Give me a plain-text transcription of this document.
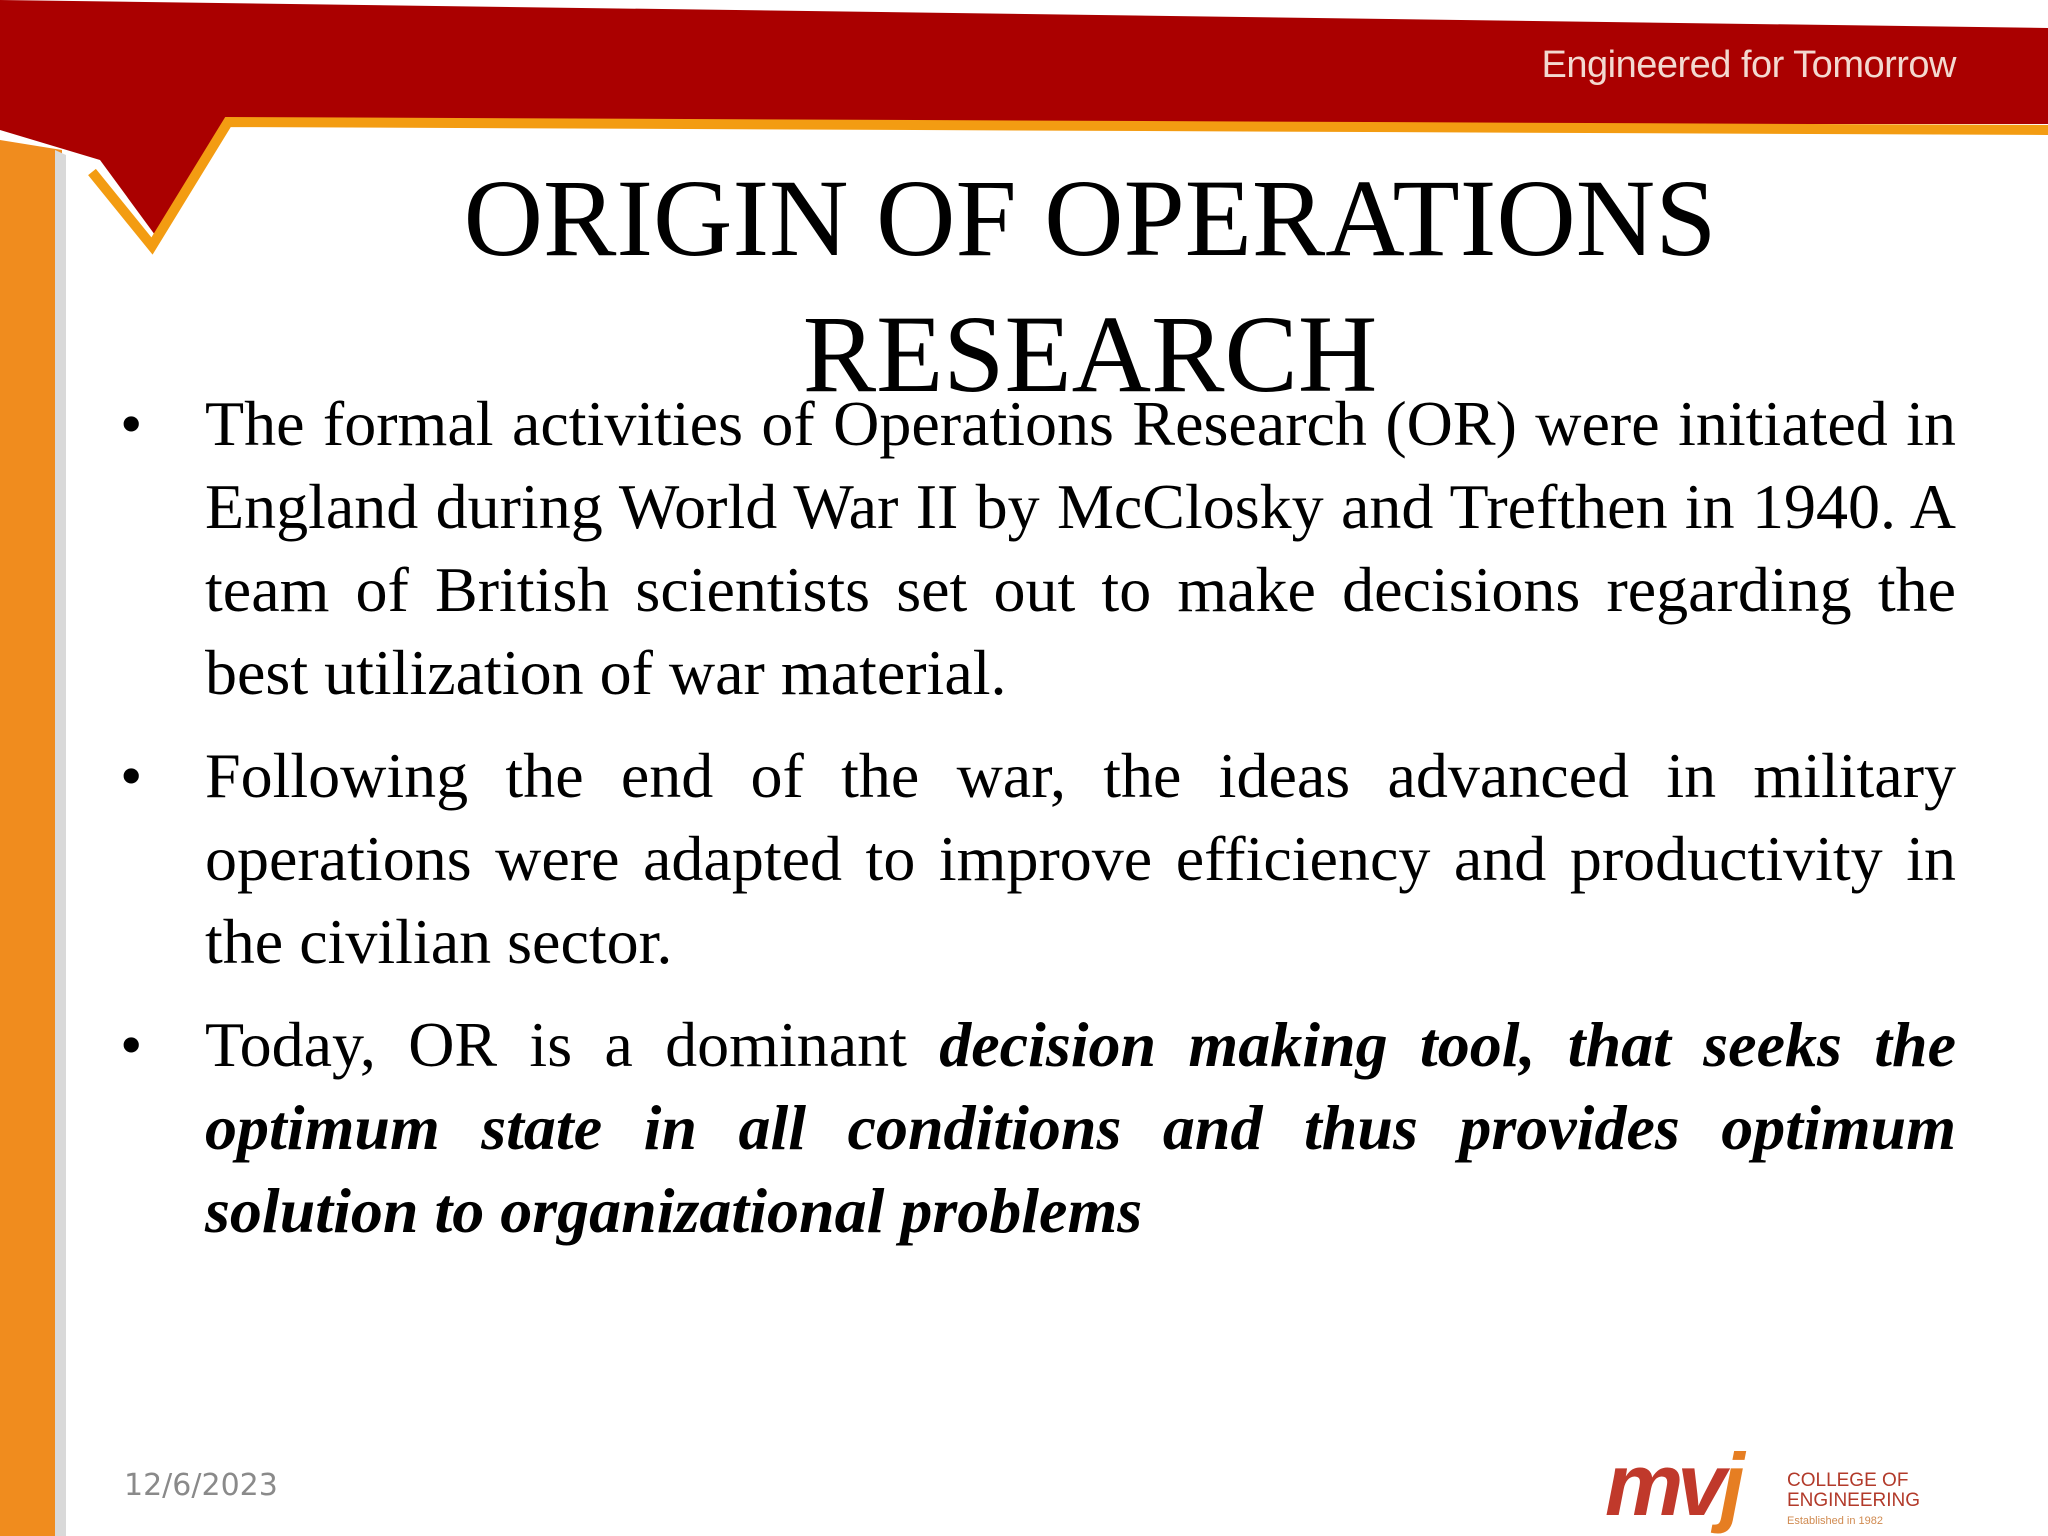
Engineered for Tomorrow
ORIGIN OF OPERATIONS RESEARCH
• The formal activities of Operations Research (OR) were initiated in England during World War II by McClosky and Trefthen in 1940. A team of British scientists set out to make decisions regarding the best utilization of war material.
• Following the end of the war, the ideas advanced in military operations were adapted to improve efficiency and productivity in the civilian sector.
• Today, OR is a dominant decision making tool, that seeks the optimum state in all conditions and thus provides optimum solution to organizational problems
12/6/2023	mvj	COLLEGE OF
ENGINEERING
Established in 1982
